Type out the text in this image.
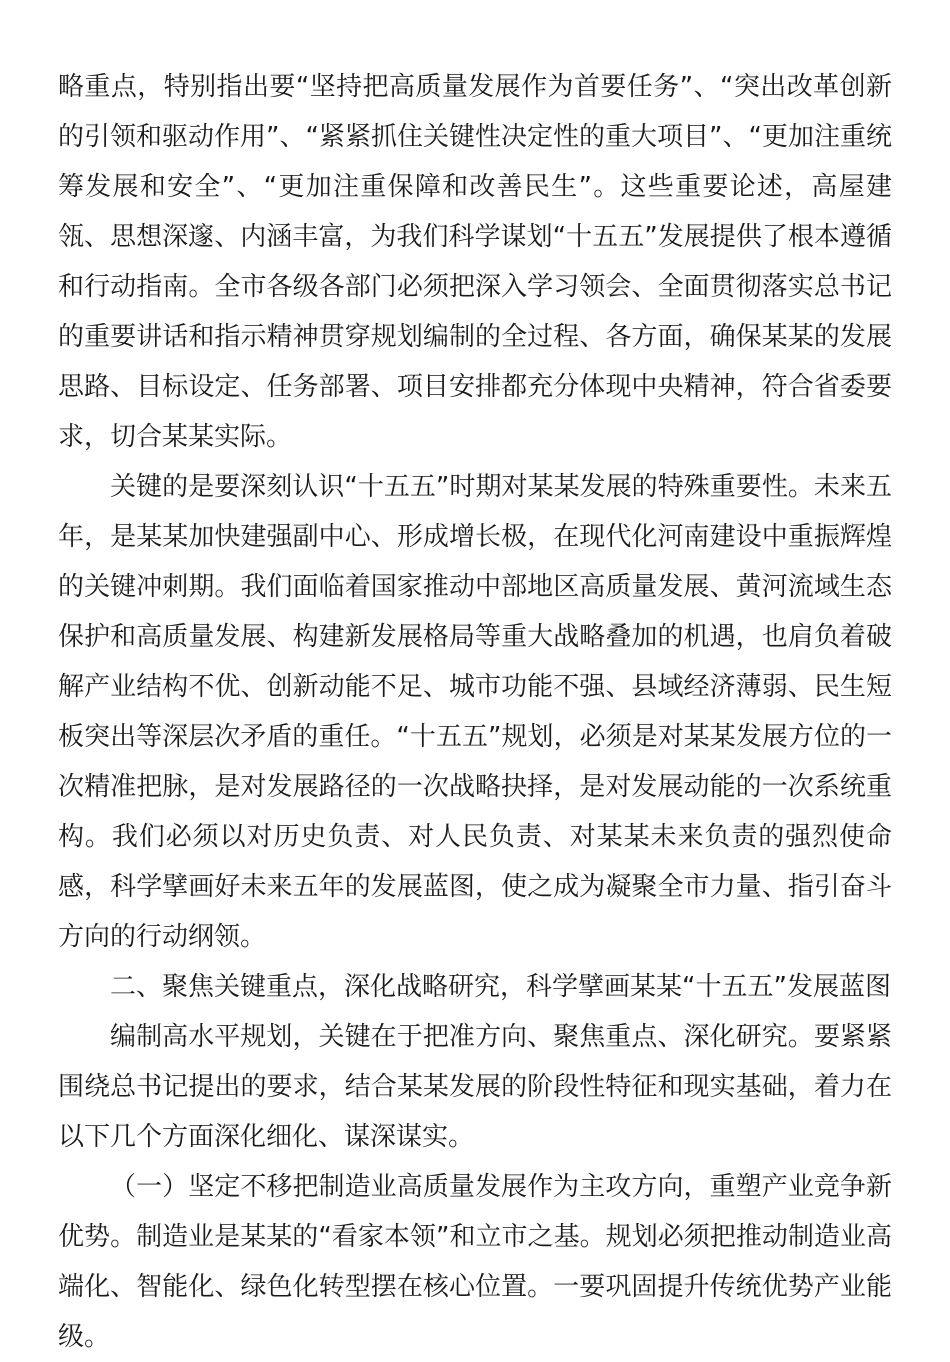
略重点，特别指出要“坚持把高质量发展作为首要任务”、“突出改革创新的引领和驱动作用”、“紧紧抓住关键性决定性的重大项目”、“更加注重统筹发展和安全”、“更加注重保障和改善民生”。这些重要论述，高屋建瓴、思想深邃、内涵丰富，为我们科学谋划“十五五”发展提供了根本遵循和行动指南。全市各级各部门必须把深入学习领会、全面贯彻落实总书记的重要讲话和指示精神贯穿规划编制的全过程、各方面，确保某某的发展思路、目标设定、任务部署、项目安排都充分体现中央精神，符合省委要求，切合某某实际。

关键的是要深刻认识“十五五”时期对某某发展的特殊重要性。未来五年，是某某加快建强副中心、形成增长极，在现代化河南建设中重振辉煌的关键冲刺期。我们面临着国家推动中部地区高质量发展、黄河流域生态保护和高质量发展、构建新发展格局等重大战略叠加的机遇，也肩负着破解产业结构不优、创新动能不足、城市功能不强、县域经济薄弱、民生短板突出等深层次矛盾的重任。“十五五”规划，必须是对某某发展方位的一次精准把脉，是对发展路径的一次战略抉择，是对发展动能的一次系统重构。我们必须以对历史负责、对人民负责、对某某未来负责的强烈使命感，科学擘画好未来五年的发展蓝图，使之成为凝聚全市力量、指引奋斗方向的行动纲领。

二、聚焦关键重点，深化战略研究，科学擘画某某“十五五”发展蓝图

编制高水平规划，关键在于把准方向、聚焦重点、深化研究。要紧紧围绕总书记提出的要求，结合某某发展的阶段性特征和现实基础，着力在以下几个方面深化细化、谋深谋实。

（一）坚定不移把制造业高质量发展作为主攻方向，重塑产业竞争新优势。制造业是某某的“看家本领”和立市之基。规划必须把推动制造业高端化、智能化、绿色化转型摆在核心位置。一要巩固提升传统优势产业能级。
